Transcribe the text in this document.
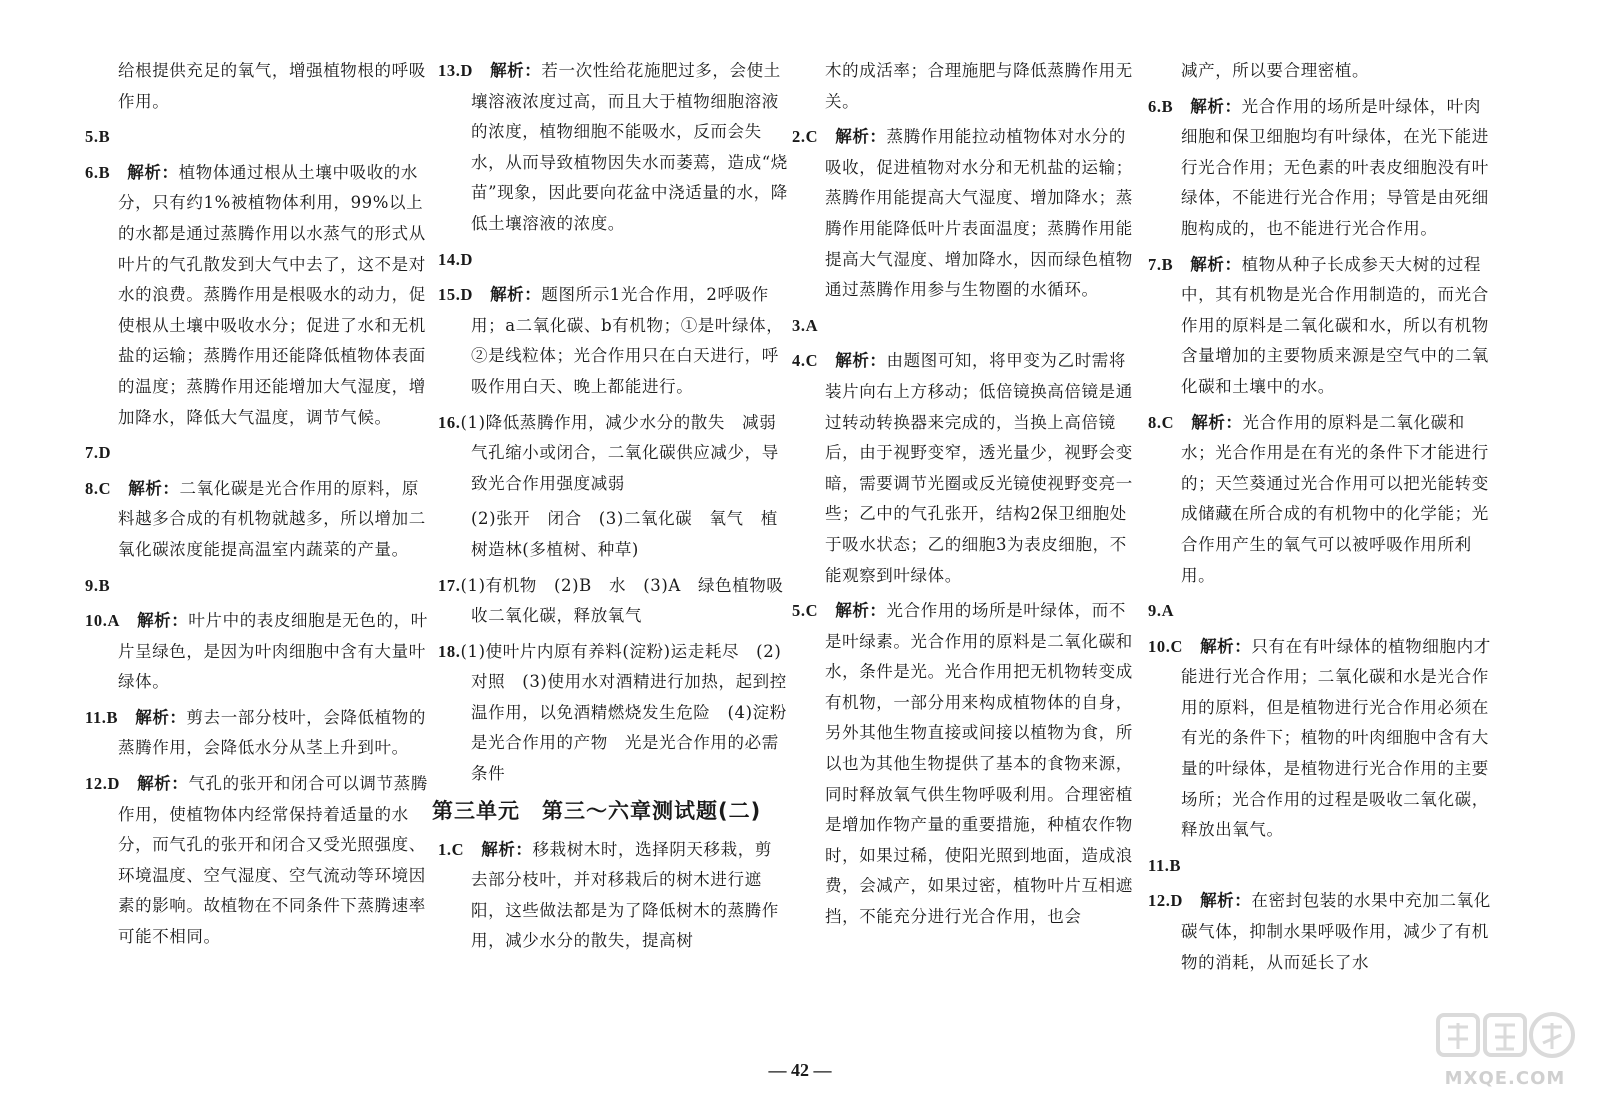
给根提供充足的氧气，增强植物根的呼吸作用。
5.B　
6.B　 解析：植物体通过根从土壤中吸收的水分，只有约1%被植物体利用，99%以上的水都是通过蒸腾作用以水蒸气的形式从叶片的气孔散发到大气中去了，这不是对水的浪费。蒸腾作用是根吸水的动力，促使根从土壤中吸收水分；促进了水和无机盐的运输；蒸腾作用还能降低植物体表面的温度；蒸腾作用还能增加大气湿度，增加降水，降低大气温度，调节气候。
7.D　
8.C　 解析：二氧化碳是光合作用的原料，原料越多合成的有机物就越多，所以增加二氧化碳浓度能提高温室内蔬菜的产量。
9.B　
10.A　 解析：叶片中的表皮细胞是无色的，叶片呈绿色，是因为叶肉细胞中含有大量叶绿体。
11.B　 解析：剪去一部分枝叶，会降低植物的蒸腾作用，会降低水分从茎上升到叶。
12.D　 解析：气孔的张开和闭合可以调节蒸腾作用，使植物体内经常保持着适量的水分，而气孔的张开和闭合又受光照强度、环境温度、空气湿度、空气流动等环境因素的影响。故植物在不同条件下蒸腾速率可能不相同。
13.D　 解析：若一次性给花施肥过多，会使土壤溶液浓度过高，而且大于植物细胞溶液的浓度，植物细胞不能吸水，反而会失水，从而导致植物因失水而萎蔫，造成“烧苗”现象，因此要向花盆中浇适量的水，降低土壤溶液的浓度。
14.D　
15.D　 解析：题图所示1光合作用，2呼吸作用；a二氧化碳、b有机物；①是叶绿体，②是线粒体；光合作用只在白天进行，呼吸作用白天、晚上都能进行。
16.(1)降低蒸腾作用，减少水分的散失　减弱　气孔缩小或闭合，二氧化碳供应减少，导致光合作用强度减弱
(2)张开　闭合　(3)二氧化碳　氧气　植树造林(多植树、种草)
17.(1)有机物　(2)B　水　(3)A　绿色植物吸收二氧化碳，释放氧气
18.(1)使叶片内原有养料(淀粉)运走耗尽　(2)对照　(3)使用水对酒精进行加热，起到控温作用，以免酒精燃烧发生危险　(4)淀粉是光合作用的产物　光是光合作用的必需条件
第三单元　第三～六章测试题(二)
1.C　 解析：移栽树木时，选择阴天移栽，剪去部分枝叶，并对移栽后的树木进行遮阳，这些做法都是为了降低树木的蒸腾作用，减少水分的散失，提高树
木的成活率；合理施肥与降低蒸腾作用无关。
2.C　 解析：蒸腾作用能拉动植物体对水分的吸收，促进植物对水分和无机盐的运输；蒸腾作用能提高大气湿度、增加降水；蒸腾作用能降低叶片表面温度；蒸腾作用能提高大气湿度、增加降水，因而绿色植物通过蒸腾作用参与生物圈的水循环。
3.A　
4.C　 解析：由题图可知，将甲变为乙时需将装片向右上方移动；低倍镜换高倍镜是通过转动转换器来完成的，当换上高倍镜后，由于视野变窄，透光量少，视野会变暗，需要调节光圈或反光镜使视野变亮一些；乙中的气孔张开，结构2保卫细胞处于吸水状态；乙的细胞3为表皮细胞，不能观察到叶绿体。
5.C　 解析：光合作用的场所是叶绿体，而不是叶绿素。光合作用的原料是二氧化碳和水，条件是光。光合作用把无机物转变成有机物，一部分用来构成植物体的自身，另外其他生物直接或间接以植物为食，所以也为其他生物提供了基本的食物来源，同时释放氧气供生物呼吸利用。合理密植是增加作物产量的重要措施，种植农作物时，如果过稀，使阳光照到地面，造成浪费，会减产，如果过密，植物叶片互相遮挡，不能充分进行光合作用，也会
减产，所以要合理密植。
6.B　 解析：光合作用的场所是叶绿体，叶肉细胞和保卫细胞均有叶绿体，在光下能进行光合作用；无色素的叶表皮细胞没有叶绿体，不能进行光合作用；导管是由死细胞构成的，也不能进行光合作用。
7.B　 解析：植物从种子长成参天大树的过程中，其有机物是光合作用制造的，而光合作用的原料是二氧化碳和水，所以有机物含量增加的主要物质来源是空气中的二氧化碳和土壤中的水。
8.C　 解析：光合作用的原料是二氧化碳和水；光合作用是在有光的条件下才能进行的；天竺葵通过光合作用可以把光能转变成储藏在所合成的有机物中的化学能；光合作用产生的氧气可以被呼吸作用所利用。
9.A　
10.C　 解析：只有在有叶绿体的植物细胞内才能进行光合作用；二氧化碳和水是光合作用的原料，但是植物进行光合作用必须在有光的条件下；植物的叶肉细胞中含有大量的叶绿体，是植物进行光合作用的主要场所；光合作用的过程是吸收二氧化碳，释放出氧气。
11.B　
12.D　 解析：在密封包装的水果中充加二氧化碳气体，抑制水果呼吸作用，减少了有机物的消耗，从而延长了水
— 42 —	MXQE.COM
